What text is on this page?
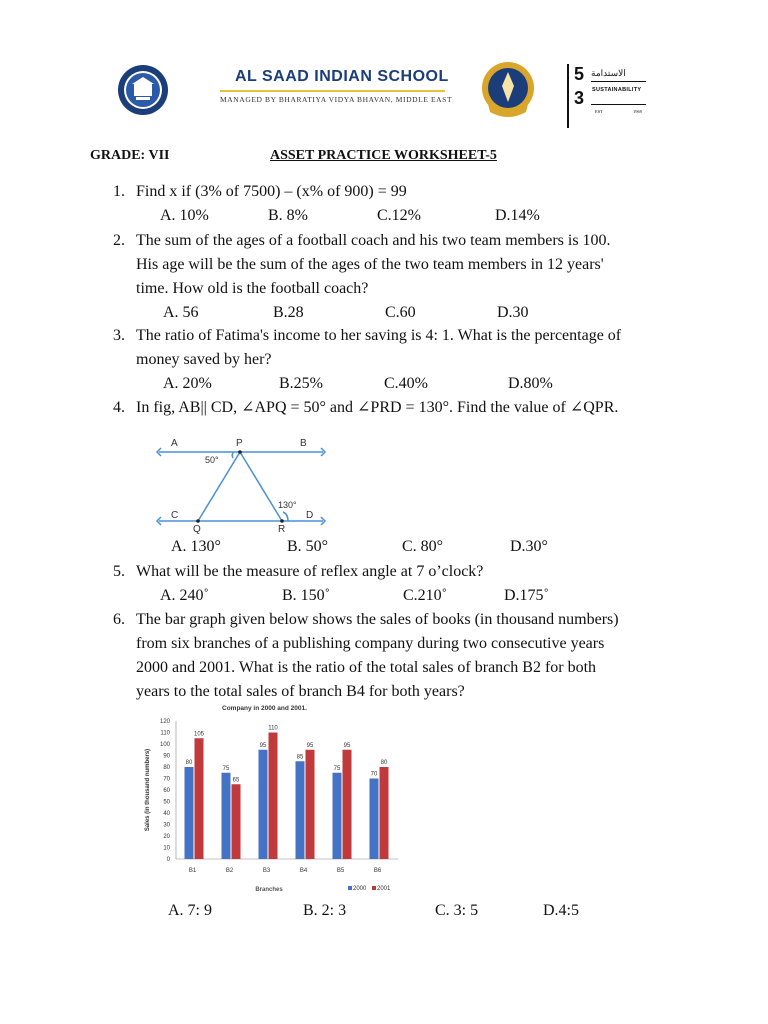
AL SAAD INDIAN SCHOOL
MANAGED BY BHARATIYA VIDYA BHAVAN, MIDDLE EAST
5
3
الاستدامة
SUSTAINABILITY
EST	1969
GRADE: VII	ASSET PRACTICE WORKSHEET-5
1. Find x if (3% of 7500) – (x% of 900) = 99
A. 10%	B. 8%	C.12%	D.14%
2. The sum of the ages of a football coach and his two team members is 100.
His age will be the sum of the ages of the two team members in 12 years'
time. How old is the football coach?
A. 56	B.28	C.60	D.30
3. The ratio of Fatima's income to her saving is 4: 1. What is the percentage of
money saved by her?
A. 20%	B.25%	C.40%	D.80%
4. In fig, AB|| CD, ∠APQ = 50° and ∠PRD = 130°. Find the value of ∠QPR.
A	P	B
C
Q	R
D
50°
130°
A. 130°	B. 50°	C. 80°	D.30°
5. What will be the measure of reflex angle at 7 o’clock?
A. 240˚	B. 150˚	C.210˚	D.175˚
6. The bar graph given below shows the sales of books (in thousand numbers)
from six branches of a publishing company during two consecutive years
2000 and 2001. What is the ratio of the total sales of branch B2 for both
years to the total sales of branch B4 for both years?
Company in 2000 and 2001.
0
10
20
30
40
50
60
70
80
90
100
110
120
Sales (in thousand numbers)	80
105
B1
75
65
B2
95
110
B3
85
95
B4
75
95
B5
70
80
B6
Branches	2000 2001
A. 7: 9	B. 2: 3	C. 3: 5	D.4:5
